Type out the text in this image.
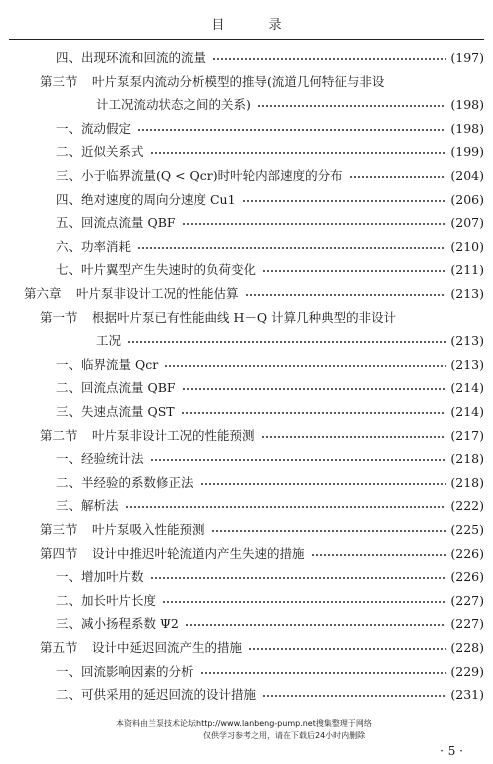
目 录
四、出现环流和回流的流量	(197)
第三节 叶片泵泵内流动分析模型的推导(流道几何特征与非设
计工况流动状态之间的关系)	(198)
一、流动假定	(198)
二、近似关系式	(199)
三、小于临界流量(Q < Qcr)时叶轮内部速度的分布	(204)
四、绝对速度的周向分速度 Cu1	(206)
五、回流点流量 QBF	(207)
六、功率消耗	(210)
七、叶片翼型产生失速时的负荷变化	(211)
第六章 叶片泵非设计工况的性能估算	(213)
第一节 根据叶片泵已有性能曲线 H－Q 计算几种典型的非设计
工况	(213)
一、临界流量 Qcr	(213)
二、回流点流量 QBF	(214)
三、失速点流量 QST	(214)
第二节 叶片泵非设计工况的性能预测	(217)
一、经验统计法	(218)
二、半经验的系数修正法	(218)
三、解析法	(222)
第三节 叶片泵吸入性能预测	(225)
第四节 设计中推迟叶轮流道内产生失速的措施	(226)
一、增加叶片数	(226)
二、加长叶片长度	(227)
三、减小扬程系数 Ψ2	(227)
第五节 设计中延迟回流产生的措施	(228)
一、回流影响因素的分析	(229)
二、可供采用的延迟回流的设计措施	(231)
本资料由兰泵技术论坛http://www.lanbeng-pump.net搜集整理于网络
仅供学习参考之用，请在下载后24小时内删除
· 5 ·
